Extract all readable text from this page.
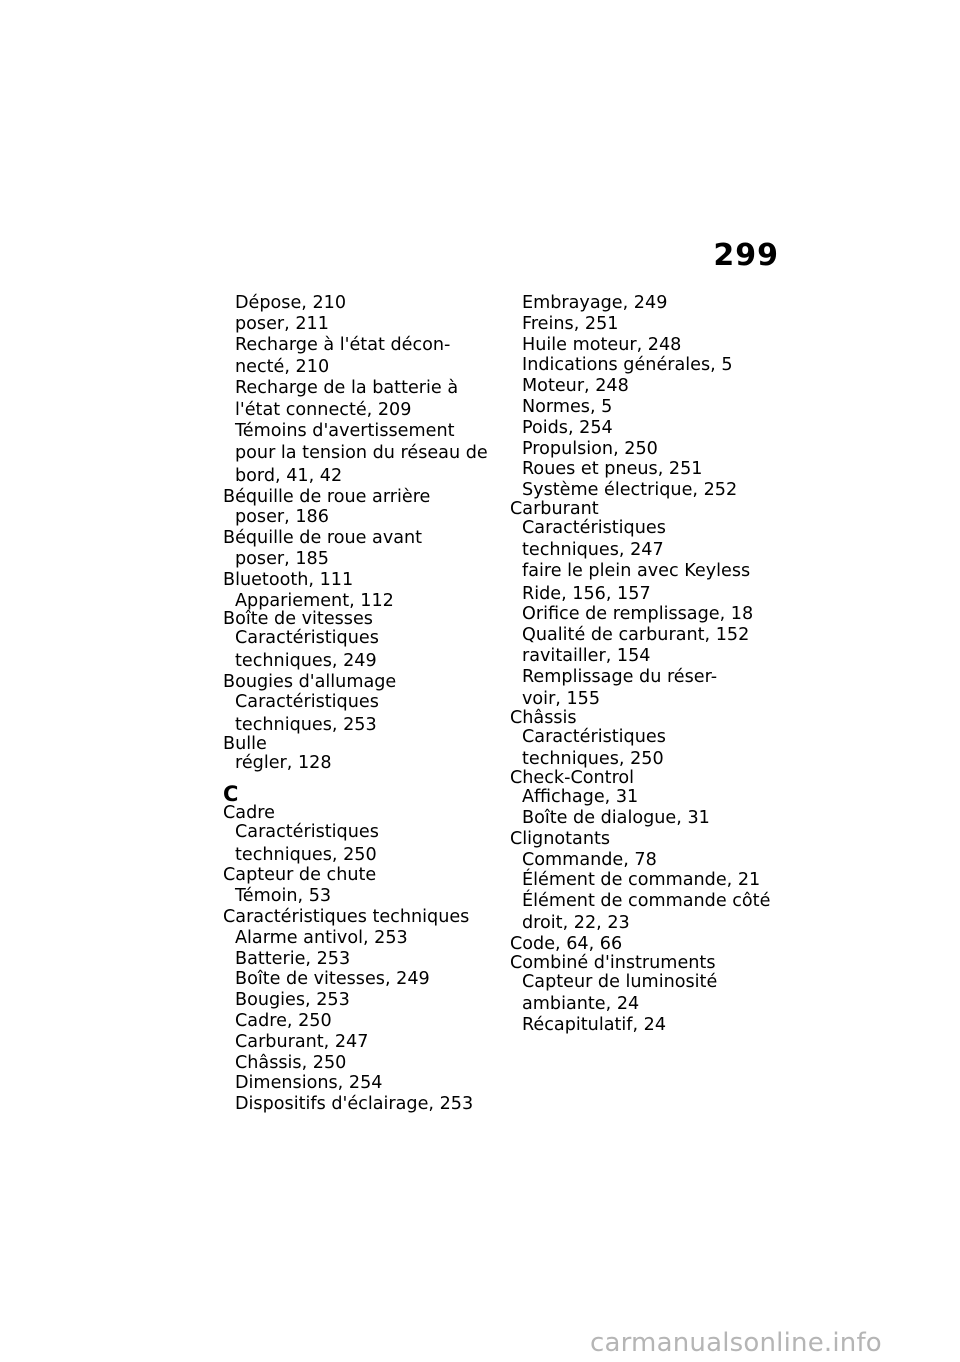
299
Dépose, 210
poser, 211
Recharge à l'état décon-
necté, 210
Recharge de la batterie à
l'état connecté, 209
Témoins d'avertissement
pour la tension du réseau de
bord, 41, 42
Béquille de roue arrière
poser, 186
Béquille de roue avant
poser, 185
Bluetooth, 111
Appariement, 112
Boîte de vitesses
Caractéristiques
techniques, 249
Bougies d'allumage
Caractéristiques
techniques, 253
Bulle
régler, 128
C
Cadre
Caractéristiques
techniques, 250
Capteur de chute
Témoin, 53
Caractéristiques techniques
Alarme antivol, 253
Batterie, 253
Boîte de vitesses, 249
Bougies, 253
Cadre, 250
Carburant, 247
Châssis, 250
Dimensions, 254
Dispositifs d'éclairage, 253
Embrayage, 249
Freins, 251
Huile moteur, 248
Indications générales, 5
Moteur, 248
Normes, 5
Poids, 254
Propulsion, 250
Roues et pneus, 251
Système électrique, 252
Carburant
Caractéristiques
techniques, 247
faire le plein avec Keyless
Ride, 156, 157
Orifice de remplissage, 18
Qualité de carburant, 152
ravitailler, 154
Remplissage du réser-
voir, 155
Châssis
Caractéristiques
techniques, 250
Check-Control
Affichage, 31
Boîte de dialogue, 31
Clignotants
Commande, 78
Élément de commande, 21
Élément de commande côté
droit, 22, 23
Code, 64, 66
Combiné d'instruments
Capteur de luminosité
ambiante, 24
Récapitulatif, 24
carmanualsonline.info
